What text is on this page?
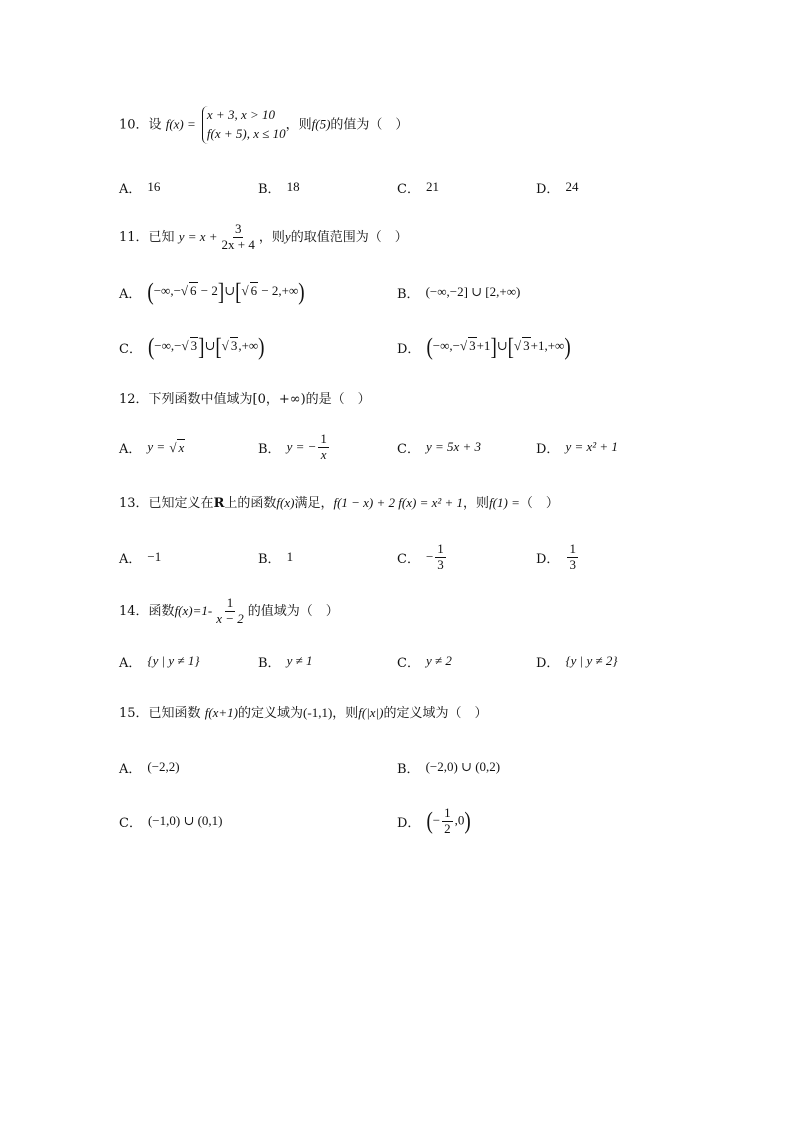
10．设 f(x) =
x + 3, x > 10
f(x + 5), x ≤ 10
，则f(5)的值为（　）
A． 16	B． 18	C． 21	D． 24
11．已知 $y = x + \frac{3}{2x + 4}$ ，则y的取值范围为（　）
A． (−∞,−√ 6 − 2]∪[√ 6 − 2,+∞)	B． (−∞,−2] ∪ [2,+∞)
C． (−∞,−√ 3]∪[√ 3,+∞)	D． (−∞,−√ 3+1]∪[√ 3+1,+∞)
12．下列函数中值域为[0，+∞)的是（　）
A． y =
√ x	B． y = − $\frac{1}{x}$	C． y = 5x + 3	D． y = x² + 1
13．已知定义在R上的函数f(x)满足，f(1 − x) + 2 f(x) = x² + 1，则f(1) =（　）
A． −1	B． 1	C． − $\frac{1}{3}$	D． $\frac{1}{3}$
14．函数$f(x)=1- \frac{1}{x - 2}$ 的值域为（　）
A． {y | y ≠ 1}	B． y ≠ 1	C． y ≠ 2	D． {y | y ≠ 2}
15．已知函数 f(x+1)的定义域为(-1,1)，则f(|x|)的定义域为（　）
A． (−2,2)	B． (−2,0) ∪ (0,2)
C． (−1,0) ∪ (0,1)	D． (− $\frac{1}{2} ,0$)
